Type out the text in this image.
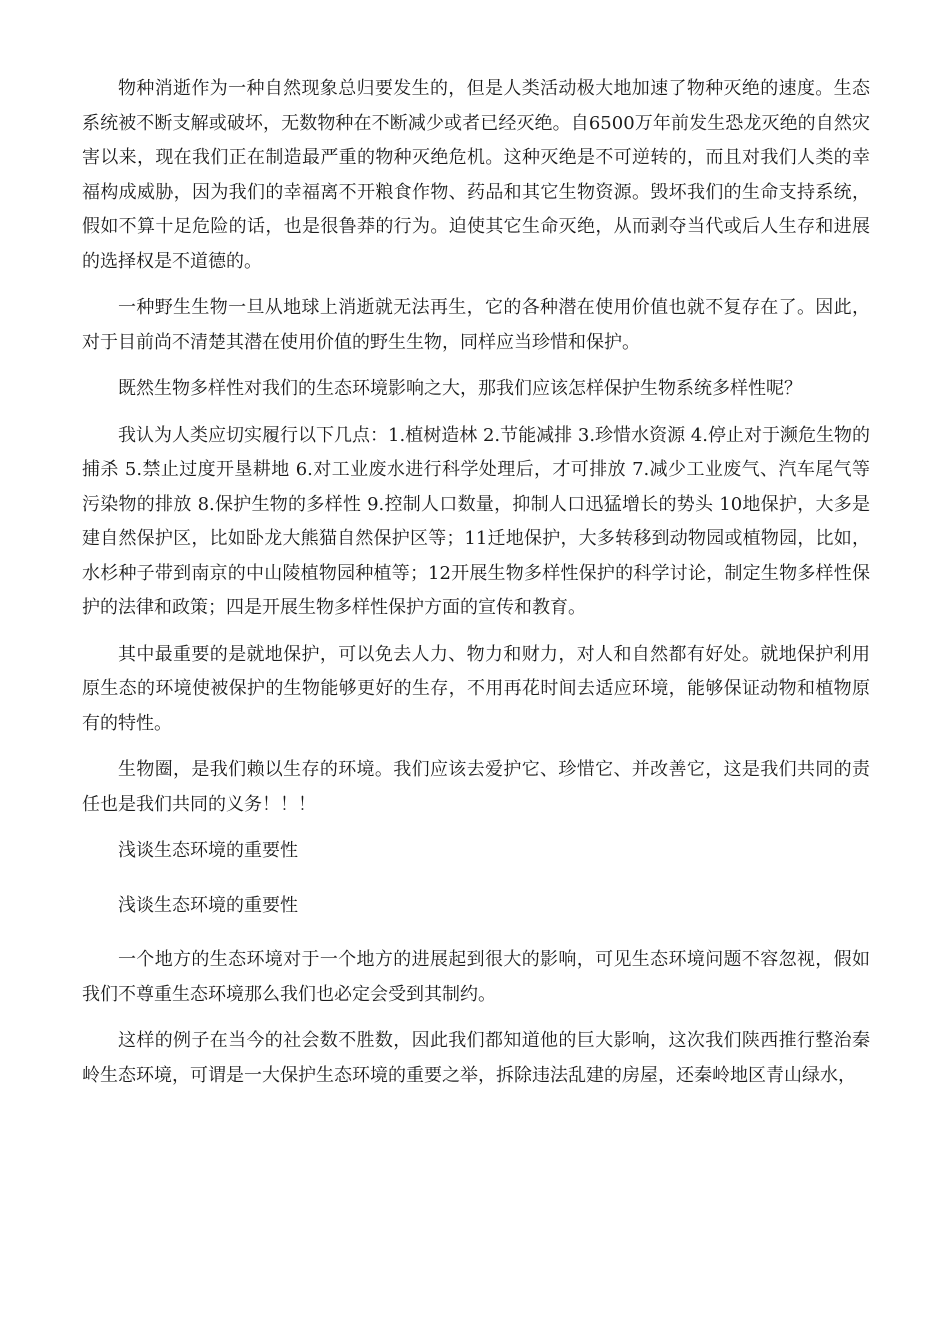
物种消逝作为一种自然现象总归要发生的，但是人类活动极大地加速了物种灭绝的速度。生态系统被不断支解或破坏，无数物种在不断减少或者已经灭绝。自6500万年前发生恐龙灭绝的自然灾害以来，现在我们正在制造最严重的物种灭绝危机。这种灭绝是不可逆转的，而且对我们人类的幸福构成威胁，因为我们的幸福离不开粮食作物、药品和其它生物资源。毁坏我们的生命支持系统，假如不算十足危险的话，也是很鲁莽的行为。迫使其它生命灭绝，从而剥夺当代或后人生存和进展的选择权是不道德的。

一种野生生物一旦从地球上消逝就无法再生，它的各种潜在使用价值也就不复存在了。因此，对于目前尚不清楚其潜在使用价值的野生生物，同样应当珍惜和保护。

既然生物多样性对我们的生态环境影响之大，那我们应该怎样保护生物系统多样性呢？

我认为人类应切实履行以下几点：1.植树造林 2.节能减排 3.珍惜水资源 4.停止对于濒危生物的捕杀 5.禁止过度开垦耕地 6.对工业废水进行科学处理后，才可排放 7.减少工业废气、汽车尾气等污染物的排放 8.保护生物的多样性 9.控制人口数量，抑制人口迅猛增长的势头 10地保护，大多是建自然保护区，比如卧龙大熊猫自然保护区等；11迁地保护，大多转移到动物园或植物园，比如，水杉种子带到南京的中山陵植物园种植等；12开展生物多样性保护的科学讨论，制定生物多样性保护的法律和政策；四是开展生物多样性保护方面的宣传和教育。

其中最重要的是就地保护，可以免去人力、物力和财力，对人和自然都有好处。就地保护利用原生态的环境使被保护的生物能够更好的生存，不用再花时间去适应环境，能够保证动物和植物原有的特性。

生物圈，是我们赖以生存的环境。我们应该去爱护它、珍惜它、并改善它，这是我们共同的责任也是我们共同的义务！！！

浅谈生态环境的重要性

浅谈生态环境的重要性

一个地方的生态环境对于一个地方的进展起到很大的影响，可见生态环境问题不容忽视，假如我们不尊重生态环境那么我们也必定会受到其制约。

这样的例子在当今的社会数不胜数，因此我们都知道他的巨大影响，这次我们陕西推行整治秦岭生态环境，可谓是一大保护生态环境的重要之举，拆除违法乱建的房屋，还秦岭地区青山绿水，
